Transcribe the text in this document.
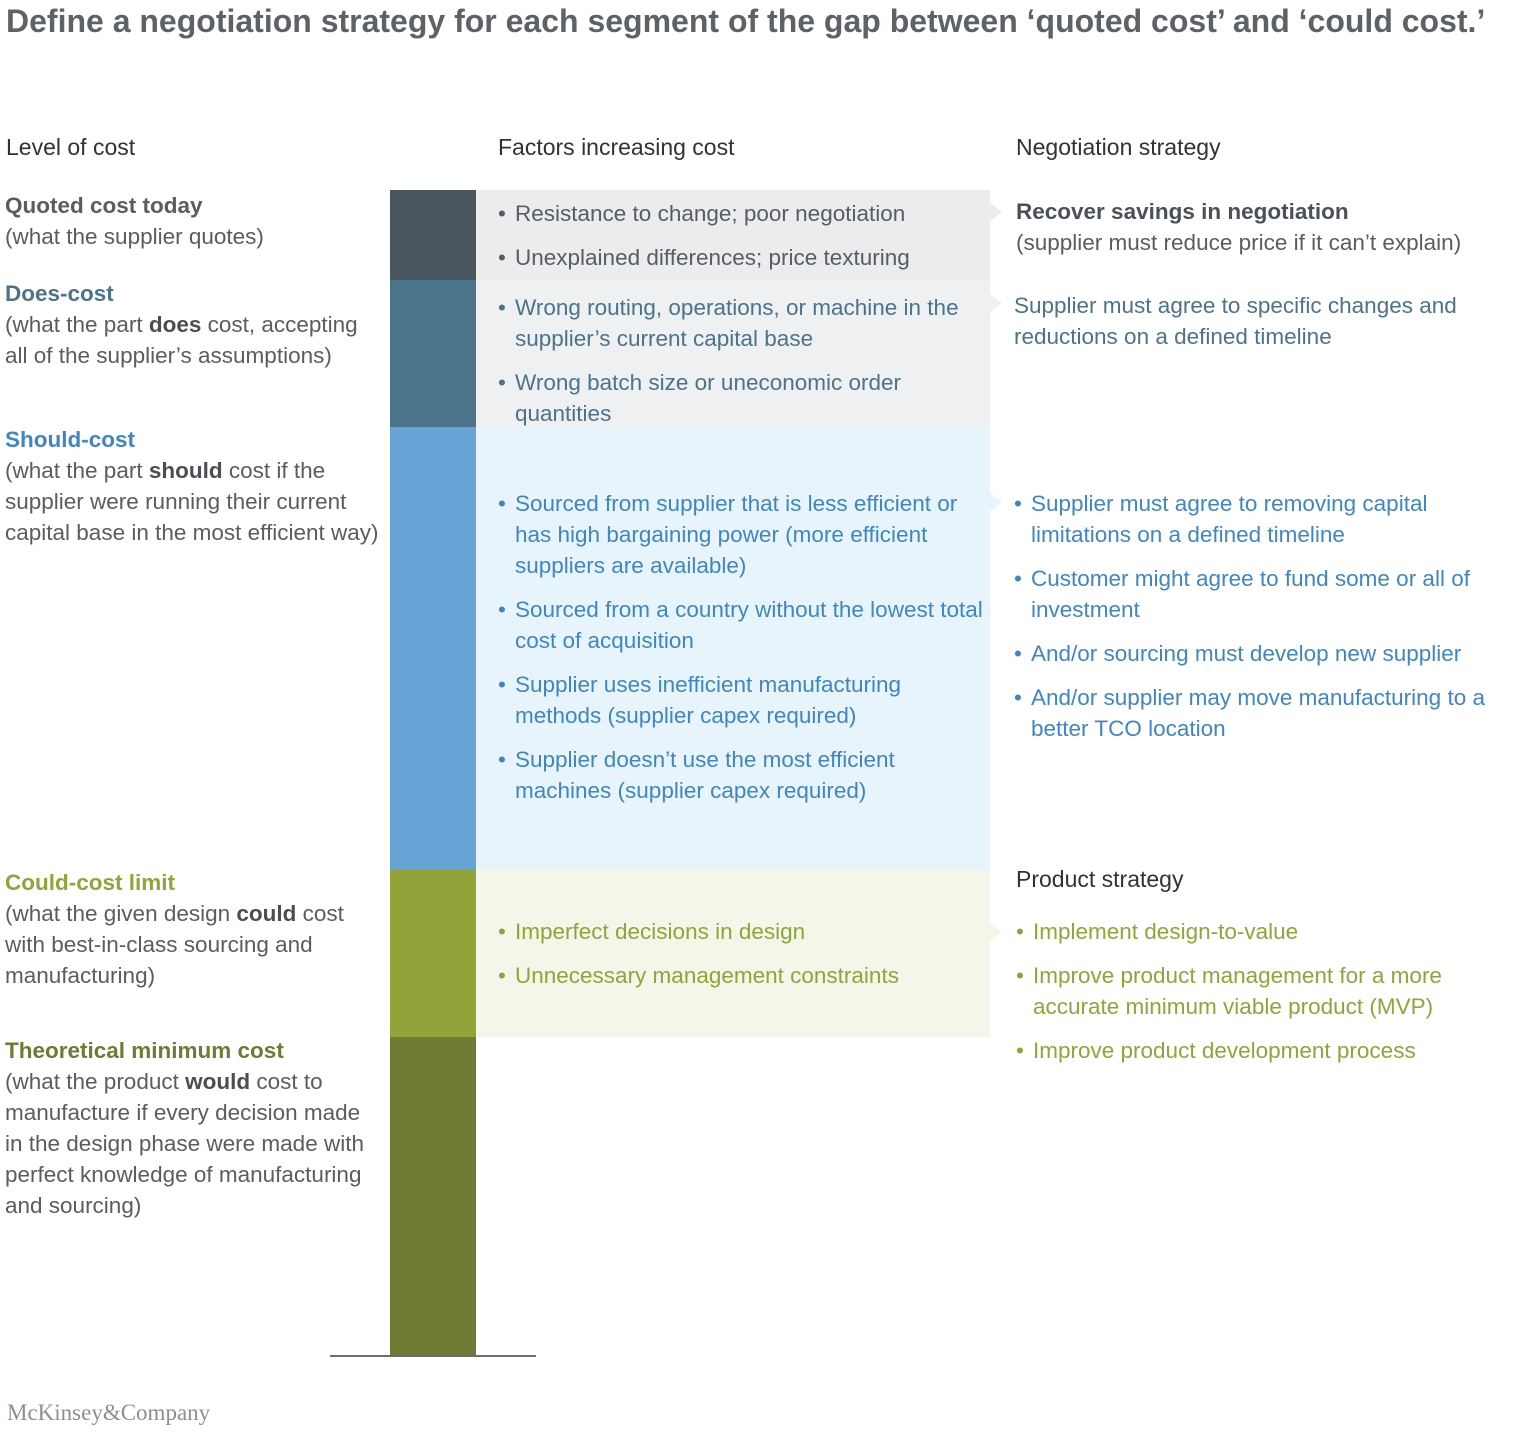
Define a negotiation strategy for each segment of the gap between ‘quoted cost’ and ‘could cost.’
Level of cost	Factors increasing cost	Negotiation strategy
Quoted cost today
(what the supplier quotes)
Does-cost
(what the part does cost, accepting all of the supplier’s assumptions)
Should-cost
(what the part should cost if the supplier were running their current capital base in the most efficient way)
Could-cost limit
(what the given design could cost with best-in-class sourcing and manufacturing)
Theoretical minimum cost
(what the product would cost to manufacture if every decision made in the design phase were made with perfect knowledge of manufacturing and sourcing)
• Resistance to change; poor negotiation
• Unexplained differences; price texturing
• Wrong routing, operations, or machine in the supplier’s current capital base
• Wrong batch size or uneconomic order quantities
• Sourced from supplier that is less efficient or has high bargaining power (more efficient suppliers are available)
• Sourced from a country without the lowest total cost of acquisition
• Supplier uses inefficient manufacturing methods (supplier capex required)
• Supplier doesn’t use the most efficient machines (supplier capex required)
• Imperfect decisions in design
• Unnecessary management constraints
Recover savings in negotiation
(supplier must reduce price if it can’t explain)
Supplier must agree to specific changes and reductions on a defined timeline
• Supplier must agree to removing capital limitations on a defined timeline
• Customer might agree to fund some or all of investment
• And/or sourcing must develop new supplier
• And/or supplier may move manufacturing to a better TCO location
Product strategy
• Implement design-to-value
• Improve product management for a more accurate minimum viable product (MVP)
• Improve product development process
McKinsey&Company
